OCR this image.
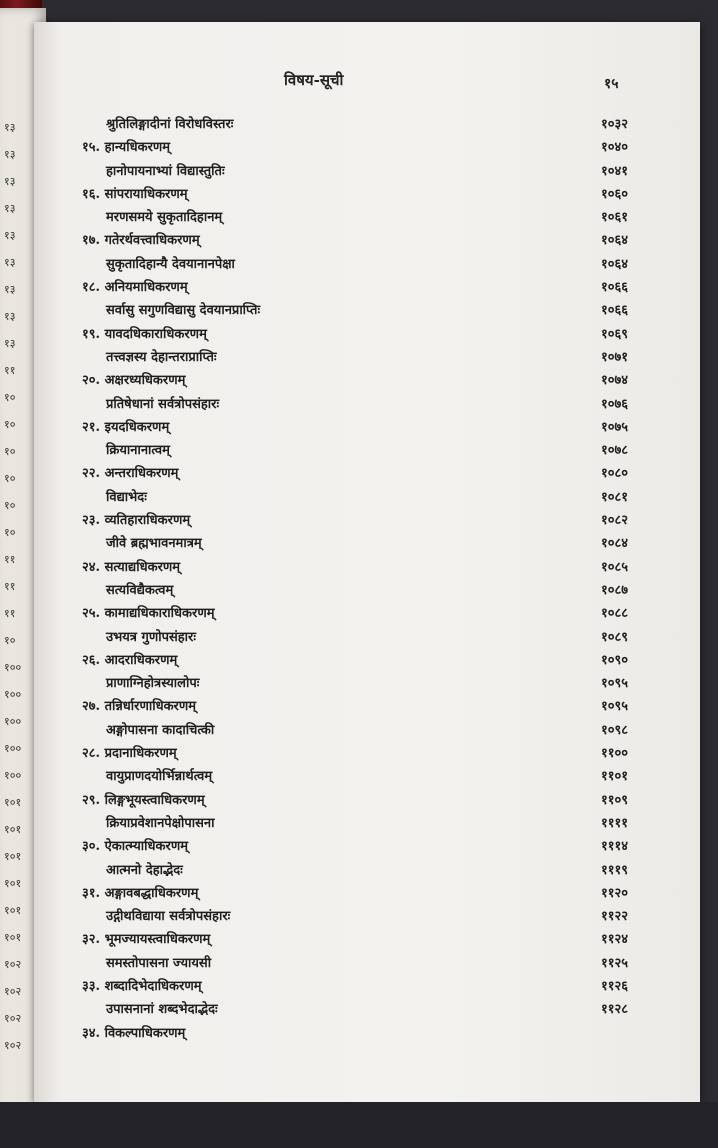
१३
१३
१३
१३
१३
१३
१३
१३
१३
११
१०
१०
१०
१०
१०
१०
११
११
११
१०
१००
१००
१००
१००
१००
१०१
१०१
१०१
१०१
१०१
१०१
१०२
१०२
१०२
१०२
विषय-सूची	१५
श्रुतिलिङ्गादीनां विरोधविस्तरः	१०३२
१५. हान्यधिकरणम्	१०४०
हानोपायनाभ्यां विद्यास्तुतिः	१०४१
१६. सांपरायाधिकरणम्	१०६०
मरणसमये सुकृतादिहानम्	१०६१
१७. गतेरर्थवत्त्वाधिकरणम्	१०६४
सुकृतादिहान्यै देवयानानपेक्षा	१०६४
१८. अनियमाधिकरणम्	१०६६
सर्वासु सगुणविद्यासु देवयानप्राप्तिः	१०६६
१९. यावदधिकाराधिकरणम्	१०६९
तत्त्वज्ञस्य देहान्तराप्राप्तिः	१०७१
२०. अक्षरध्यधिकरणम्	१०७४
प्रतिषेधानां सर्वत्रोपसंहारः	१०७६
२१. इयदधिकरणम्	१०७५
क्रियानानात्वम्	१०७८
२२. अन्तराधिकरणम्	१०८०
विद्याभेदः	१०८१
२३. व्यतिहाराधिकरणम्	१०८२
जीवे ब्रह्मभावनमात्रम्	१०८४
२४. सत्याद्यधिकरणम्	१०८५
सत्यविद्यैकत्वम्	१०८७
२५. कामाद्यधिकाराधिकरणम्	१०८८
उभयत्र गुणोपसंहारः	१०८९
२६. आदराधिकरणम्	१०९०
प्राणाग्निहोत्रस्यालोपः	१०९५
२७. तन्निर्धारणाधिकरणम्	१०९५
अङ्गोपासना कादाचित्की	१०९८
२८. प्रदानाधिकरणम्	११००
वायुप्राणदयोर्भिन्नार्थत्वम्	११०१
२९. लिङ्गभूयस्त्वाधिकरणम्	११०९
क्रियाप्रवेशानपेक्षोपासना	११११
३०. ऐकात्म्याधिकरणम्	१११४
आत्मनो देहाद्भेदः	१११९
३१. अङ्गावबद्धाधिकरणम्	११२०
उद्गीथविद्याया सर्वत्रोपसंहारः	११२२
३२. भूमज्यायस्त्वाधिकरणम्	११२४
समस्तोपासना ज्यायसी	११२५
३३. शब्दादिभेदाधिकरणम्	११२६
उपासनानां शब्दभेदाद्भेदः	११२८
३४. विकल्पाधिकरणम्
